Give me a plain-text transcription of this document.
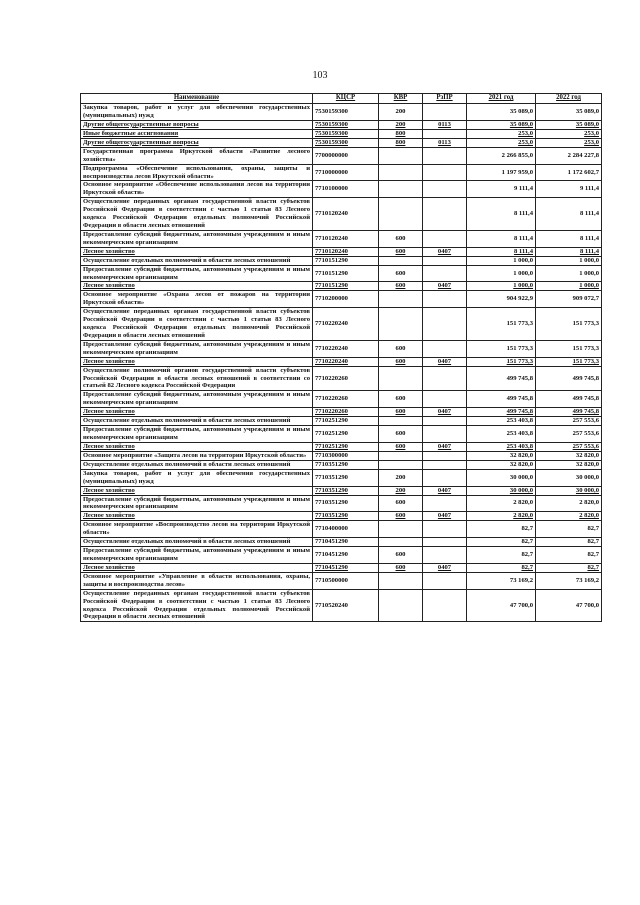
103
Наименование	КЦСР	КВР	РзПР	2021 год	2022 год
Закупка товаров, работ и услуг для обеспечения государственных (муниципальных) нужд	7530159300	200		35 089,0	35 089,0
Другие общегосударственные вопросы	7530159300	200	0113	35 089,0	35 089,0
Иные бюджетные ассигнования	7530159300	800		253,0	253,0
Другие общегосударственные вопросы	7530159300	800	0113	253,0	253,0
Государственная программа Иркутской области «Развитие лесного хозяйства»	7700000000			2 266 855,0	2 284 227,8
Подпрограмма «Обеспечение использования, охраны, защиты и воспроизводства лесов Иркутской области»	7710000000			1 197 959,0	1 172 602,7
Основное мероприятие «Обеспечение использования лесов на территории Иркутской области»	7710100000			9 111,4	9 111,4
Осуществление переданных органам государственной власти субъектов Российской Федерации в соответствии с частью 1 статьи 83 Лесного кодекса Российской Федерации отдельных полномочий Российской Федерации в области лесных отношений	7710120240			8 111,4	8 111,4
Предоставление субсидий бюджетным, автономным учреждениям и иным некоммерческим организациям	7710120240	600		8 111,4	8 111,4
Лесное хозяйство	7710120240	600	0407	8 111,4	8 111,4
Осуществление отдельных полномочий в области лесных отношений	7710151290			1 000,0	1 000,0
Предоставление субсидий бюджетным, автономным учреждениям и иным некоммерческим организациям	7710151290	600		1 000,0	1 000,0
Лесное хозяйство	7710151290	600	0407	1 000,0	1 000,0
Основное мероприятие «Охрана лесов от пожаров на территории Иркутской области»	7710200000			904 922,9	909 072,7
Осуществление переданных органам государственной власти субъектов Российской Федерации в соответствии с частью 1 статьи 83 Лесного кодекса Российской Федерации отдельных полномочий Российской Федерации в области лесных отношений	7710220240			151 773,3	151 773,3
Предоставление субсидий бюджетным, автономным учреждениям и иным некоммерческим организациям	7710220240	600		151 773,3	151 773,3
Лесное хозяйство	7710220240	600	0407	151 773,3	151 773,3
Осуществление полномочий органов государственной власти субъектов Российской Федерации в области лесных отношений в соответствии со статьей 82 Лесного кодекса Российской Федерации	7710220260			499 745,8	499 745,8
Предоставление субсидий бюджетным, автономным учреждениям и иным некоммерческим организациям	7710220260	600		499 745,8	499 745,8
Лесное хозяйство	7710220260	600	0407	499 745,8	499 745,8
Осуществление отдельных полномочий в области лесных отношений	7710251290			253 403,8	257 553,6
Предоставление субсидий бюджетным, автономным учреждениям и иным некоммерческим организациям	7710251290	600		253 403,8	257 553,6
Лесное хозяйство	7710251290	600	0407	253 403,8	257 553,6
Основное мероприятие «Защита лесов на территории Иркутской области»	7710300000			32 820,0	32 820,0
Осуществление отдельных полномочий в области лесных отношений	7710351290			32 820,0	32 820,0
Закупка товаров, работ и услуг для обеспечения государственных (муниципальных) нужд	7710351290	200		30 000,0	30 000,0
Лесное хозяйство	7710351290	200	0407	30 000,0	30 000,0
Предоставление субсидий бюджетным, автономным учреждениям и иным некоммерческим организациям	7710351290	600		2 820,0	2 820,0
Лесное хозяйство	7710351290	600	0407	2 820,0	2 820,0
Основное мероприятие «Воспроизводство лесов на территории Иркутской области»	7710400000			82,7	82,7
Осуществление отдельных полномочий в области лесных отношений	7710451290			82,7	82,7
Предоставление субсидий бюджетным, автономным учреждениям и иным некоммерческим организациям	7710451290	600		82,7	82,7
Лесное хозяйство	7710451290	600	0407	82,7	82,7
Основное мероприятие «Управление в области использования, охраны, защиты и воспроизводства лесов»	7710500000			73 169,2	73 169,2
Осуществление переданных органам государственной власти субъектов Российской Федерации в соответствии с частью 1 статьи 83 Лесного кодекса Российской Федерации отдельных полномочий Российской Федерации в области лесных отношений	7710520240			47 700,0	47 700,0
